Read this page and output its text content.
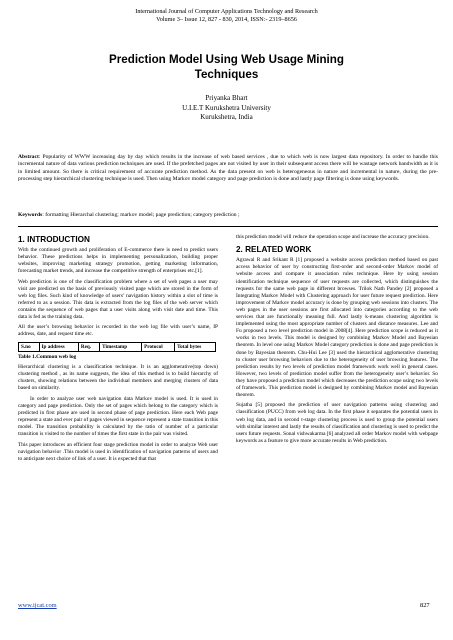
International Journal of Computer Applications Technology and Research
Volume 3– Issue 12, 827 - 830, 2014, ISSN:- 2319–8656
Prediction Model Using Web Usage Mining
Techniques
Priyanka Bhart
U.I.E.T Kurukshetra University
Kurukshetra, India
Abstract: Popularity of WWW increasing day by day which results in the increase of web based services , due to which web is now largest data repository. In order to handle this incremental nature of data various prediction techniques are used. If the prefetched pages are not visited by user in their subsequent access there will be wastage network bandwidth as it is in limited amount. So there is critical requirement of accurate prediction method. As the data present on web is heterogeneous in nature and incremental in nature, during the pre-processing step hierarchical clustering technique is used. Then using Markov model category and page prediction is done and lastly page filtering is done using keywords.
Keywords: formatting Hierarchal clustering; markov model; page prediction; category prediction ;
1. INTRODUCTION

With the continued growth and proliferation of E-commerce there is need to predict users behavior. These predictions helps in implementing personalization, building proper websites, improving marketing strategy promotion, getting marketing information, forecasting market trends, and increase the competitive strength of enterprises etc.[1].

Web prediction is one of the classification problem where a set of web pages a user may visit are predicted on the basis of previously visited page which are stored in the form of web log files. Such kind of knowledge of users’ navigation history within a slot of time is referred to as a session. This data is extracted from the log files of the web server which contains the sequence of web pages that a user visits along with visit date and time. This data is fed as the training data.

All the user’s browsing behavior is recorded in the web log file with user’s name, IP address, date, and request time etc.

S.no	Ip address	Req.	Timestamp	Protocol	Total bytes
Table 1.Common web log

Hierarchical clustering is a classification technique. It is an agglomerative(top down) clustering method , as its name suggests, the idea of this method is to build hierarchy of clusters, showing relations between the individual members and merging clusters of data based on similarity.

In order to analyze user web navigation data Markov model is used. It is used in category and page prediction. Only the set of pages which belong to the category which is predicted in first phase are used in second phase of page prediction. Here each Web page represent a state and ever pair of pages viewed in sequence represent a state transition in this model. The transition probability is calculated by the ratio of number of a particular transition is visited to the number of times the first state in the pair was visited.

This paper introduces an efficient four stage prediction model in order to analyze Web user navigation behavior .This model is used in identification of navigation patterns of users and to anticipate next choice of link of a user. It is expected that that

this prediction model will reduce the operation scope and increase the accuracy precision.

2. RELATED WORK

Agrawal R and Srikant R [1] proposed a website access prediction method based on past access behavior of user by constructing first-order and second-order Markov model of website access and compare it association rules technique. Here by using session identification technique sequence of user requests are collected, which distinguishes the requests for the same web page in different browses. Trilok Nath Pandey [2] proposed a Integrating Markov Model with Clustering approach for user future request prediction. Here improvement of Markov model accuracy is done by grouping web sessions into clusters. The web pages in the user sessions are first allocated into categories according to the web services that are functionally meaning full. And lastly k-means clustering algorithm is implemented using the most appropriate number of clusters and distance measures. Lee and Fu proposed a two level prediction model in 2008[4]. Here prediction scope is reduced as it works in two levels. This model is designed by combining Markov Model and Bayesian theorem. In level one using Markov Model category prediction is done and page prediction is done by Bayesian theorem. Chu-Hui Lee [3] used the hierarchical agglomerative clustering to cluster user browsing behaviors due to the heterogeneity of user browsing features. The prediction results by two levels of prediction model framework work well in general cases. However, two levels of prediction model suffer from the heterogeneity user’s behavior. So they have proposed a prediction model which decreases the prediction scope using two levels of framework. This prediction model is designed by combining Markov model and Bayesian theorem.

Sujatha [5] proposed the prediction of user navigation patterns using clustering and classification (PUCC) from web log data. In the first phase it separates the potential users in web log data, and in second t-stage clustering process is used to group the potential users with similar interest and lastly the results of classification and clustering is used to predict the users future requests. Sonal vishwakarma [6] analyzed all order Markov model with webpage keywords as a feature to give more accurate results in Web prediction.

www.ijcat.com	827
